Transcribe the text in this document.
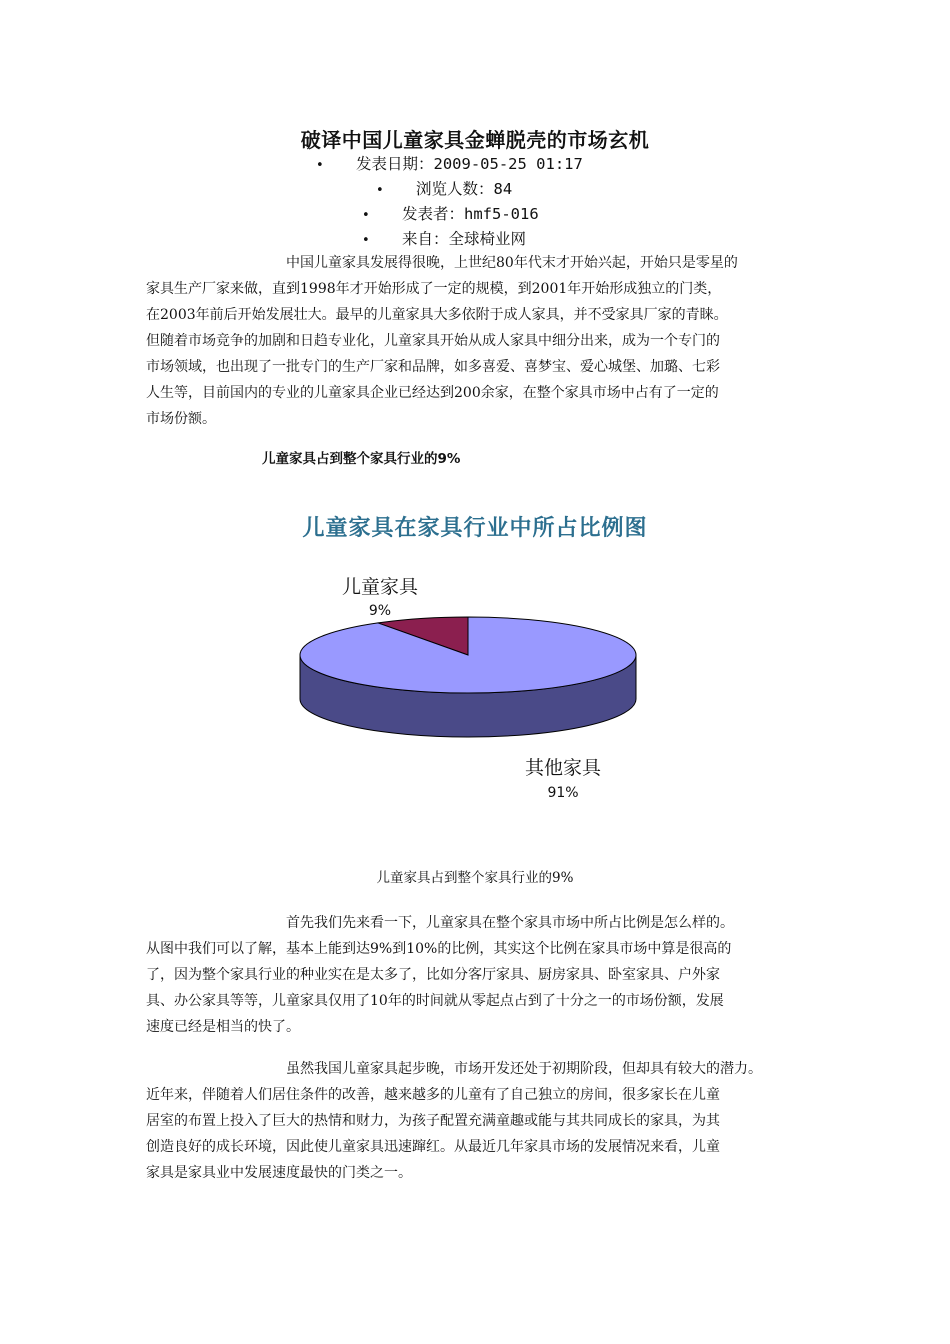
破译中国儿童家具金蝉脱壳的市场玄机
• 发表日期：2009-05-25 01:17
• 浏览人数：84
• 发表者：hmf5-016
• 来自：全球椅业网
中国儿童家具发展得很晚，上世纪80年代末才开始兴起，开始只是零星的
家具生产厂家来做，直到1998年才开始形成了一定的规模，到2001年开始形成独立的门类，
在2003年前后开始发展壮大。最早的儿童家具大多依附于成人家具，并不受家具厂家的青睐。
但随着市场竞争的加剧和日趋专业化，儿童家具开始从成人家具中细分出来，成为一个专门的
市场领域，也出现了一批专门的生产厂家和品牌，如多喜爱、喜梦宝、爱心城堡、加璐、七彩
人生等，目前国内的专业的儿童家具企业已经达到200余家，在整个家具市场中占有了一定的
市场份额。
儿童家具占到整个家具行业的9%
儿童家具在家具行业中所占比例图
儿童家具
9%
其他家具
91%
儿童家具占到整个家具行业的9%
首先我们先来看一下，儿童家具在整个家具市场中所占比例是怎么样的。
从图中我们可以了解，基本上能到达9%到10%的比例，其实这个比例在家具市场中算是很高的
了，因为整个家具行业的种业实在是太多了，比如分客厅家具、厨房家具、卧室家具、户外家
具、办公家具等等，儿童家具仅用了10年的时间就从零起点占到了十分之一的市场份额，发展
速度已经是相当的快了。
虽然我国儿童家具起步晚，市场开发还处于初期阶段，但却具有较大的潜力。
近年来，伴随着人们居住条件的改善，越来越多的儿童有了自己独立的房间，很多家长在儿童
居室的布置上投入了巨大的热情和财力，为孩子配置充满童趣或能与其共同成长的家具，为其
创造良好的成长环境，因此使儿童家具迅速蹿红。从最近几年家具市场的发展情况来看，儿童
家具是家具业中发展速度最快的门类之一。
